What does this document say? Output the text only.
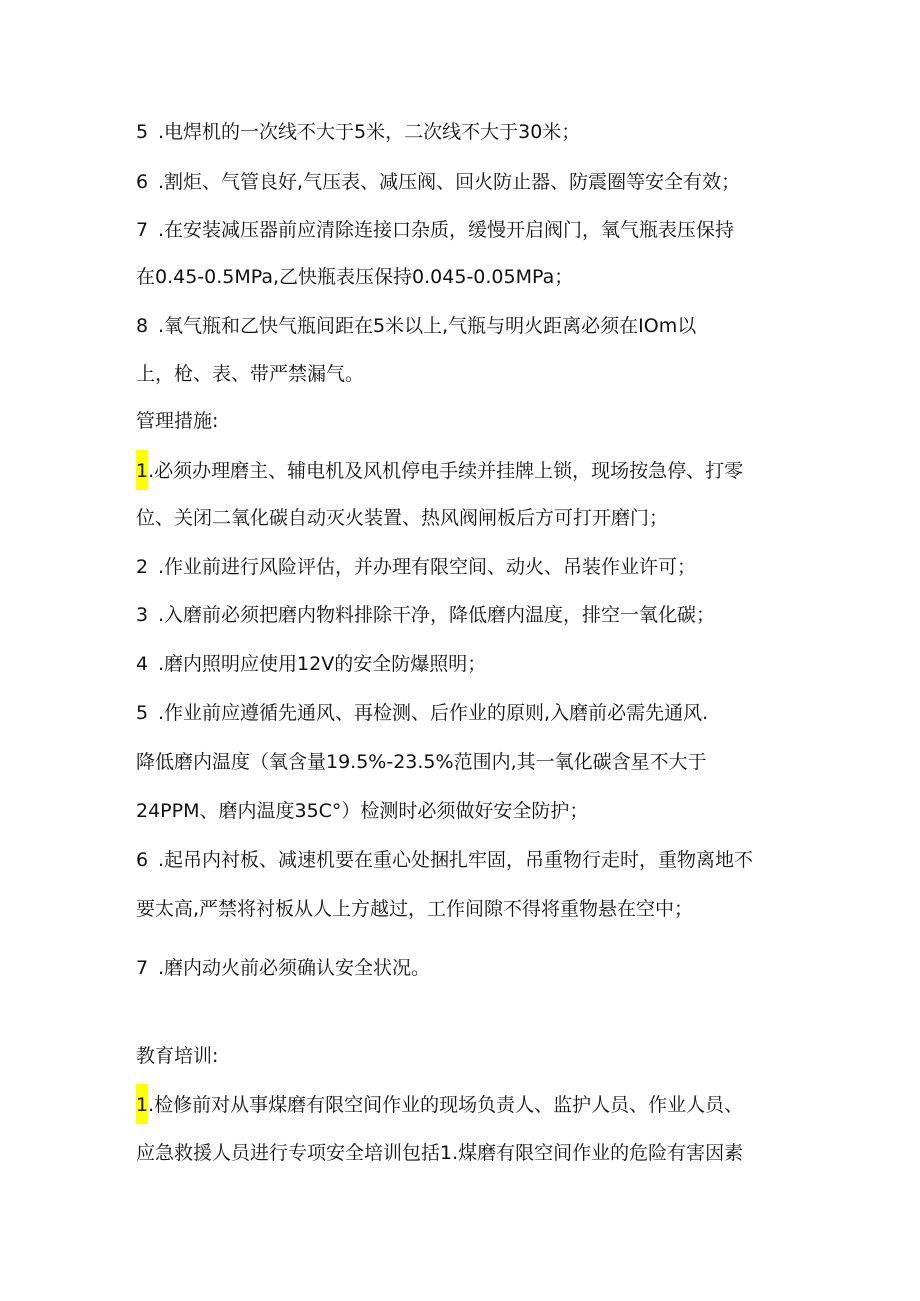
5 .电焊机的一次线不大于5米，二次线不大于30米；
6 .割炬、气管良好,气压表、减压阀、回火防止器、防震圈等安全有效；
7 .在安装减压器前应清除连接口杂质，缓慢开启阀门，氧气瓶表压保持
在0.45-0.5MPa,乙快瓶表压保持0.045-0.05MPa；
8 .氧气瓶和乙快气瓶间距在5米以上,气瓶与明火距离必须在IOm以
上，枪、表、带严禁漏气。
管理措施:
1.必须办理磨主、辅电机及风机停电手续并挂牌上锁，现场按急停、打零
位、关闭二氧化碳自动灭火装置、热风阀闸板后方可打开磨门；
2 .作业前进行风险评估，并办理有限空间、动火、吊装作业许可；
3 .入磨前必须把磨内物料排除干净，降低磨内温度，排空一氧化碳；
4 .磨内照明应使用12V的安全防爆照明；
5 .作业前应遵循先通风、再检测、后作业的原则,入磨前必需先通风.
降低磨内温度（氧含量19.5%-23.5%范围内,其一氧化碳含星不大于
24PPM、磨内温度35C°）检测时必须做好安全防护；
6 .起吊内衬板、减速机要在重心处捆扎牢固，吊重物行走时，重物离地不
要太高,严禁将衬板从人上方越过，工作间隙不得将重物悬在空中；
7 .磨内动火前必须确认安全状况。
教育培训:
1.检修前对从事煤磨有限空间作业的现场负责人、监护人员、作业人员、
应急救援人员进行专项安全培训包括1.煤磨有限空间作业的危险有害因素
